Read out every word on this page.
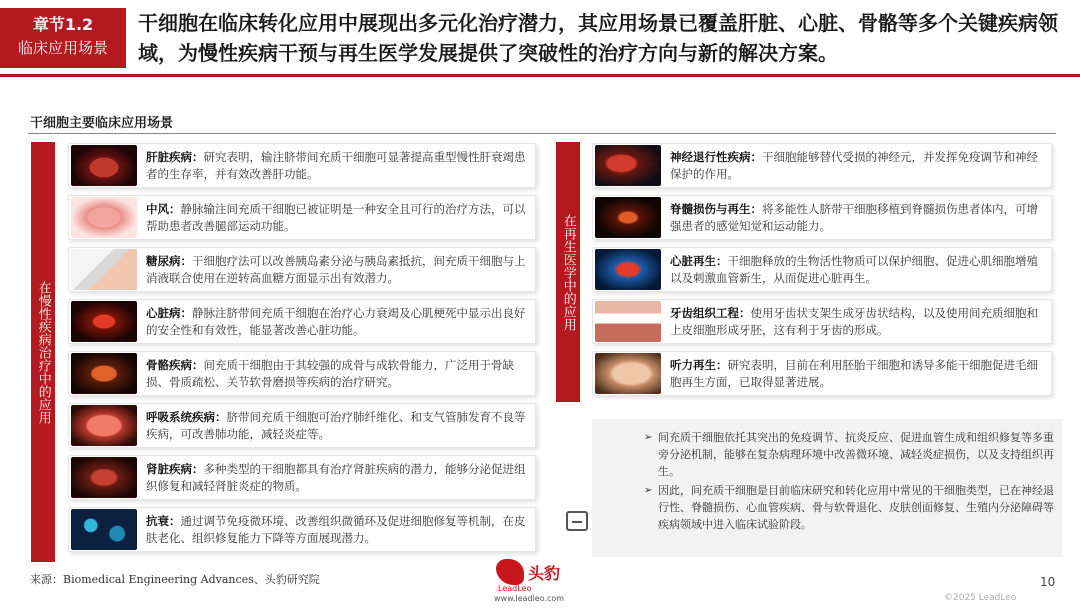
章节1.2
临床应用场景
干细胞在临床转化应用中展现出多元化治疗潜力，其应用场景已覆盖肝脏、心脏、骨骼等多个关键疾病领域，为慢性疾病干预与再生医学发展提供了突破性的治疗方向与新的解决方案。
干细胞主要临床应用场景
在慢性疾病治疗中的应用
在再生医学中的应用
肝脏疾病：研究表明，输注脐带间充质干细胞可显著提高重型慢性肝衰竭患者的生存率，并有效改善肝功能。
中风：静脉输注间充质干细胞已被证明是一种安全且可行的治疗方法，可以帮助患者改善腿部运动功能。
糖尿病：干细胞疗法可以改善胰岛素分泌与胰岛素抵抗，间充质干细胞与上消液联合使用在逆转高血糖方面显示出有效潜力。
心脏病：静脉注脐带间充质干细胞在治疗心力衰竭及心肌梗死中显示出良好的安全性和有效性，能显著改善心脏功能。
骨骼疾病：间充质干细胞由于其较强的成骨与成软骨能力，广泛用于骨缺损、骨质疏松、关节软骨磨损等疾病的治疗研究。
呼吸系统疾病：脐带间充质干细胞可治疗肺纤维化、和支气管肺发育不良等疾病，可改善肺功能，减轻炎症等。
肾脏疾病：多种类型的干细胞都具有治疗肾脏疾病的潜力，能够分泌促进组织修复和减轻肾脏炎症的物质。
抗衰：通过调节免疫微环境、改善组织微循环及促进细胞修复等机制，在皮肤老化、组织修复能力下降等方面展现潜力。
神经退行性疾病：干细胞能够替代受损的神经元，并发挥免疫调节和神经保护的作用。
脊髓损伤与再生：将多能性人脐带干细胞移植到脊髓损伤患者体内，可增强患者的感觉知觉和运动能力。
心脏再生：干细胞释放的生物活性物质可以保护细胞、促进心肌细胞增殖以及刺激血管新生，从而促进心脏再生。
牙齿组织工程：使用牙齿状支架生成牙齿状结构，以及使用间充质细胞和上皮细胞形成牙胚，这有利于牙齿的形成。
听力再生：研究表明，目前在利用胚胎干细胞和诱导多能干细胞促进毛细胞再生方面，已取得显著进展。
➢ 间充质干细胞依托其突出的免疫调节、抗炎反应、促进血管生成和组织修复等多重旁分泌机制，能够在复杂病理环境中改善微环境、减轻炎症损伤，以及支持组织再生。
➢ 因此，间充质干细胞是目前临床研究和转化应用中常见的干细胞类型，已在神经退行性、脊髓损伤、心血管疾病、骨与软骨退化、皮肤创面修复、生殖内分泌障碍等疾病领域中进入临床试验阶段。
来源：Biomedical Engineering Advances、头豹研究院	头豹
LeadLeo
www.leadleo.com
10
©2025 LeadLeo
